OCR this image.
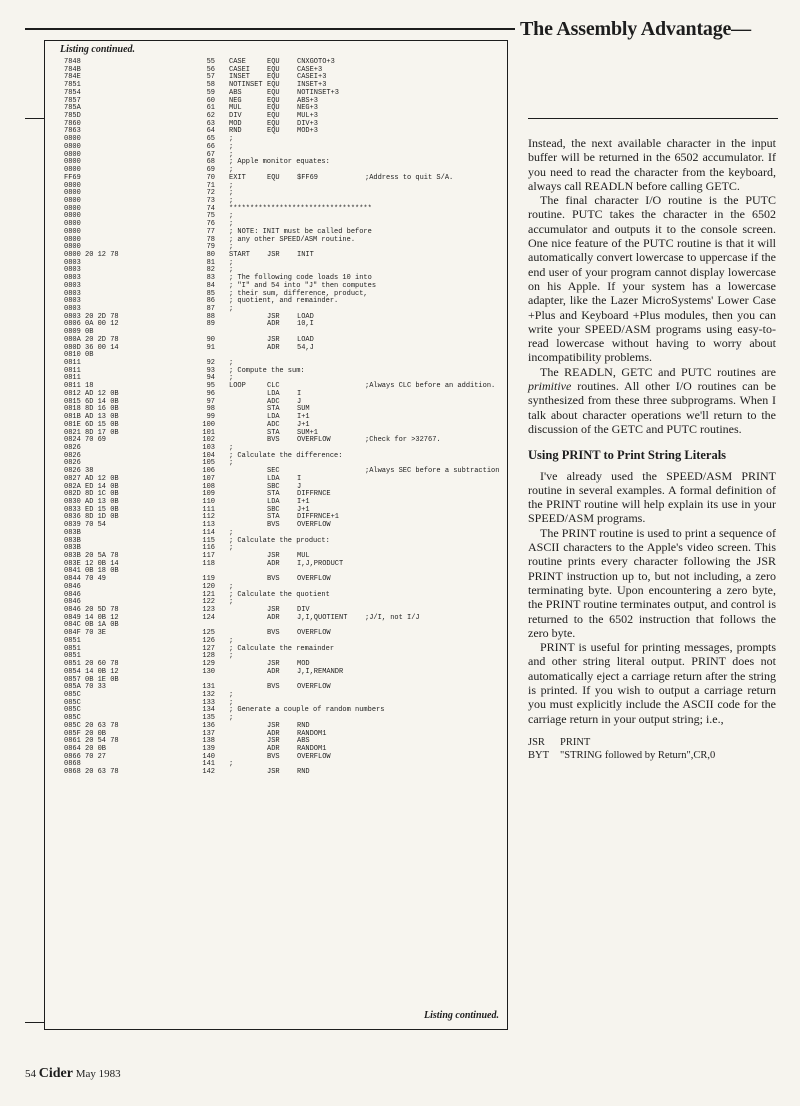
The Assembly Advantage—
Listing continued.
7848	55 CASE	EQU CNXGOTO+3
784B	56 CASEI EQU CASE+3
784E	57 INSET EQU CASEI+3
7851	58 NOTINSET EQU INSET+3
7854	59 ABS	EQU NOTINSET+3
7857	60 NEG	EQU ABS+3
785A	61 MUL	EQU NEG+3
785D	62 DIV	EQU MUL+3
7860	63 MOD	EQU DIV+3
7863	64 RND	EQU MOD+3
0800	65 ;
0800	66 ;
0800	67 ;
0800	68 ; Apple monitor equates:
0800	69 ;
FF69	70 EXIT	EQU $FF69	;Address to quit S/A.
0800	71 ;
0800	72 ;
0800	73 ;
0800	74 **********************************
0800	75 ;
0800	76 ;
0800	77 ; NOTE: INIT must be called before
0800	78 ; any other SPEED/ASM routine.
0800	79 ;
0800 20 12 78	80 START JSR INIT
0803	81 ;
0803	82 ;
0803	83 ; The following code loads 10 into
0803	84 ; "I" and 54 into "J" then computes
0803	85 ; their sum, difference, product,
0803	86 ; quotient, and remainder.
0803	87 ;
0803 20 2D 78	88	JSR LOAD
0806 0A 00 12	89	ADR 10,I
0809 0B
080A 20 2D 78	90	JSR LOAD
080D 36 00 14	91	ADR 54,J
0810 0B
0811	92 ;
0811	93 ; Compute the sum:
0811	94 ;
0811 18	95 LOOP	CLC	;Always CLC before an addition.
0812 AD 12 0B	96	LDA I
0815 6D 14 0B	97	ADC J
0818 8D 16 0B	98	STA SUM
081B AD 13 0B	99	LDA I+1
081E 6D 15 0B	100	ADC J+1
0821 8D 17 0B	101	STA SUM+1
0824 70 69	102	BVS OVERFLOW	;Check for >32767.
0826	103 ;
0826	104 ; Calculate the difference:
0826	105 ;
0826 38	106	SEC	;Always SEC before a subtraction
0827 AD 12 0B	107	LDA I
082A ED 14 0B	108	SBC J
082D 8D 1C 0B	109	STA DIFFRNCE
0830 AD 13 0B	110	LDA I+1
0833 ED 15 0B	111	SBC J+1
0836 8D 1D 0B	112	STA DIFFRNCE+1
0839 70 54	113	BVS OVERFLOW
083B	114 ;
083B	115 ; Calculate the product:
083B	116 ;
083B 20 5A 78	117	JSR MUL
083E 12 0B 14	118	ADR I,J,PRODUCT
0841 0B 18 0B
0844 70 49	119	BVS OVERFLOW
0846	120 ;
0846	121 ; Calculate the quotient
0846	122 ;
0846 20 5D 78	123	JSR DIV
0849 14 0B 12	124	ADR J,I,QUOTIENT	;J/I, not I/J
084C 0B 1A 0B
084F 70 3E	125	BVS OVERFLOW
0851	126 ;
0851	127 ; Calculate the remainder
0851	128 ;
0851 20 60 78	129	JSR MOD
0854 14 0B 12	130	ADR J,I,REMANDR
0857 0B 1E 0B
085A 70 33	131	BVS OVERFLOW
085C	132 ;
085C	133 ;
085C	134 ; Generate a couple of random numbers
085C	135 ;
085C 20 63 78	136	JSR RND
085F 20 0B	137	ADR RANDOM1
0861 20 54 78	138	JSR ABS
0864 20 0B	139	ADR RANDOM1
0866 70 27	140	BVS OVERFLOW
0868	141 ;
0868 20 63 78	142	JSR RND
Listing continued.

Instead, the next available character in the input buffer will be returned in the 6502 accumulator. If you need to read the character from the keyboard, always call READLN before calling GETC.

The final character I/O routine is the PUTC routine. PUTC takes the character in the 6502 accumulator and outputs it to the console screen. One nice feature of the PUTC routine is that it will automatically convert lowercase to uppercase if the end user of your program cannot display lowercase on his Apple. If your system has a lowercase adapter, like the Lazer MicroSystems' Lower Case +Plus and Keyboard +Plus modules, then you can write your SPEED/ASM programs using easy-to-read lowercase without having to worry about incompatibility problems.

The READLN, GETC and PUTC routines are primitive routines. All other I/O routines can be synthesized from these three subprograms. When I talk about character operations we'll return to the discussion of the GETC and PUTC routines.

Using PRINT to Print String Literals

I've already used the SPEED/ASM PRINT routine in several examples. A formal definition of the PRINT routine will help explain its use in your SPEED/ASM programs.

The PRINT routine is used to print a sequence of ASCII characters to the Apple's video screen. This routine prints every character following the JSR PRINT instruction up to, but not including, a zero terminating byte. Upon encountering a zero byte, the PRINT routine terminates output, and control is returned to the 6502 instruction that follows the zero byte.

PRINT is useful for printing messages, prompts and other string literal output. PRINT does not automatically eject a carriage return after the string is printed. If you wish to output a carriage return you must explicitly include the ASCII code for the carriage return in your output string; i.e.,

JSR PRINT
BYT "STRING followed by Return",CR,0
54 Cider May 1983
